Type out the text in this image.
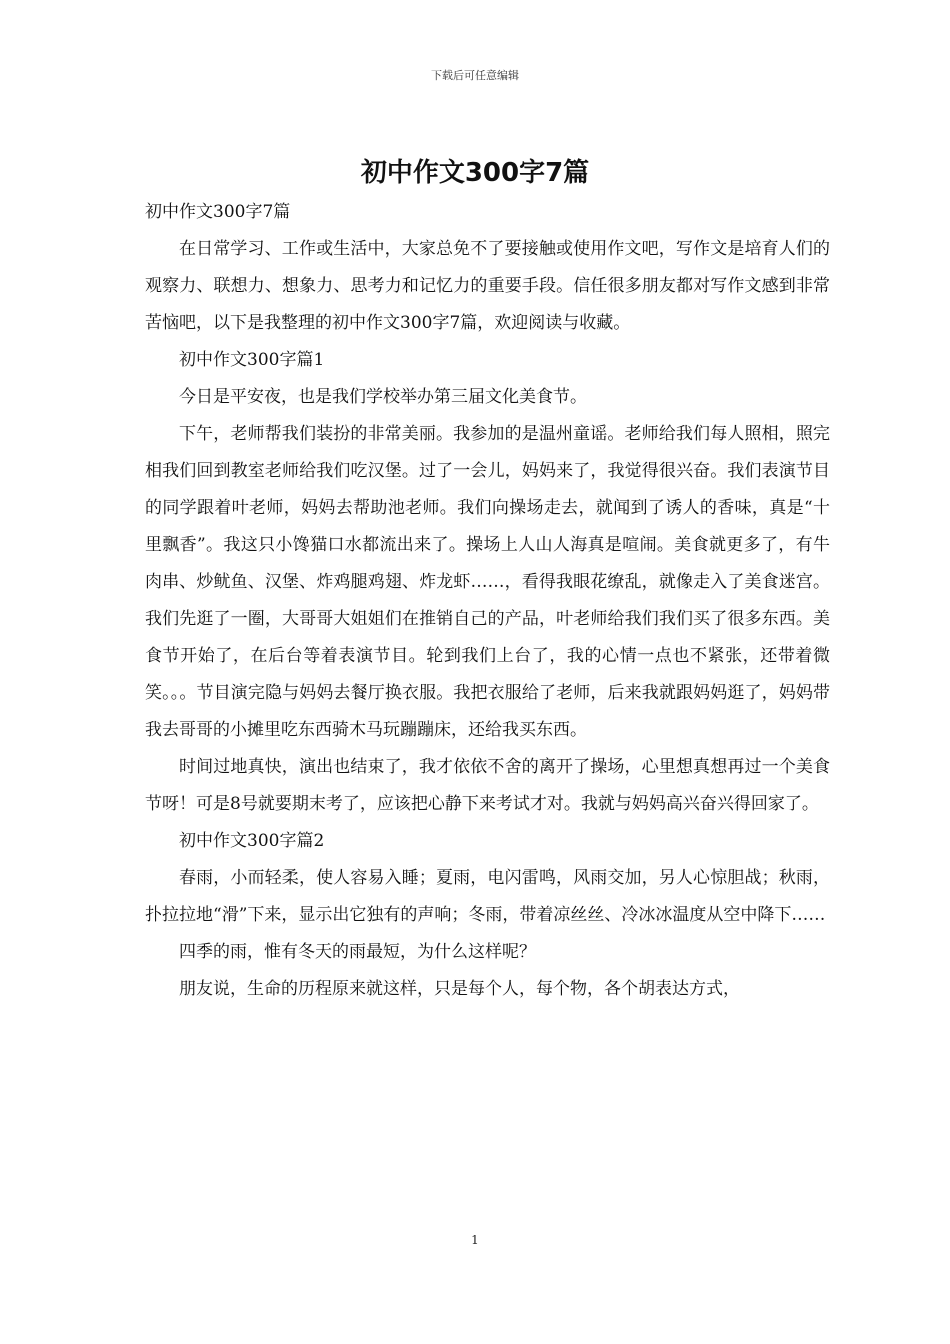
下载后可任意编辑
初中作文300字7篇

初中作文300字7篇

在日常学习、工作或生活中，大家总免不了要接触或使用作文吧，写作文是培育人们的观察力、联想力、想象力、思考力和记忆力的重要手段。信任很多朋友都对写作文感到非常苦恼吧，以下是我整理的初中作文300字7篇，欢迎阅读与收藏。

初中作文300字篇1

今日是平安夜，也是我们学校举办第三届文化美食节。

下午，老师帮我们装扮的非常美丽。我参加的是温州童谣。老师给我们每人照相，照完相我们回到教室老师给我们吃汉堡。过了一会儿，妈妈来了，我觉得很兴奋。我们表演节目的同学跟着叶老师，妈妈去帮助池老师。我们向操场走去，就闻到了诱人的香味，真是“十里飘香”。我这只小馋猫口水都流出来了。操场上人山人海真是喧闹。美食就更多了，有牛肉串、炒鱿鱼、汉堡、炸鸡腿鸡翅、炸龙虾……，看得我眼花缭乱，就像走入了美食迷宫。我们先逛了一圈，大哥哥大姐姐们在推销自己的产品，叶老师给我们我们买了很多东西。美食节开始了，在后台等着表演节目。轮到我们上台了，我的心情一点也不紧张，还带着微笑。。。节目演完隐与妈妈去餐厅换衣服。我把衣服给了老师，后来我就跟妈妈逛了，妈妈带我去哥哥的小摊里吃东西骑木马玩蹦蹦床，还给我买东西。

时间过地真快，演出也结束了，我才依依不舍的离开了操场，心里想真想再过一个美食节呀！可是8号就要期末考了，应该把心静下来考试才对。我就与妈妈高兴奋兴得回家了。

初中作文300字篇2

春雨，小而轻柔，使人容易入睡；夏雨，电闪雷鸣，风雨交加，另人心惊胆战；秋雨，扑拉拉地“滑”下来，显示出它独有的声响；冬雨，带着凉丝丝、冷冰冰温度从空中降下……

四季的雨，惟有冬天的雨最短，为什么这样呢？

朋友说，生命的历程原来就这样，只是每个人，每个物，各个胡表达方式，

1
